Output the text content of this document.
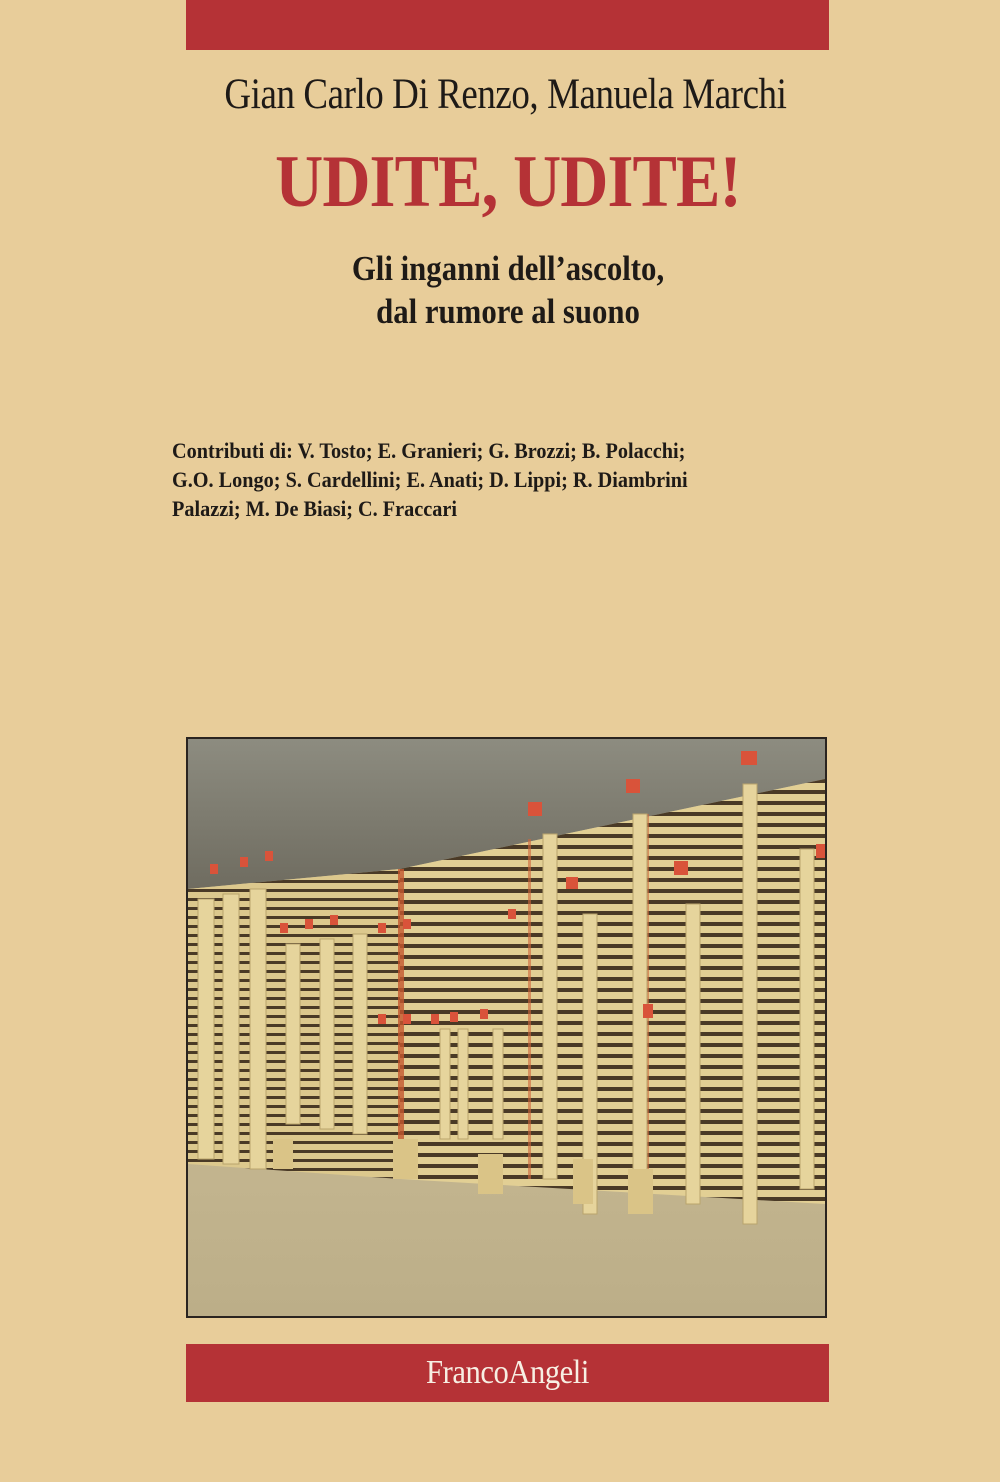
Gian Carlo Di Renzo, Manuela Marchi
UDITE, UDITE!
Gli inganni dell’ascolto,
dal rumore al suono
Contributi di: V. Tosto; E. Granieri; G. Brozzi; B. Polacchi;
G.O. Longo; S. Cardellini; E. Anati; D. Lippi; R. Diambrini
Palazzi; M. De Biasi; C. Fraccari
FrancoAngeli
